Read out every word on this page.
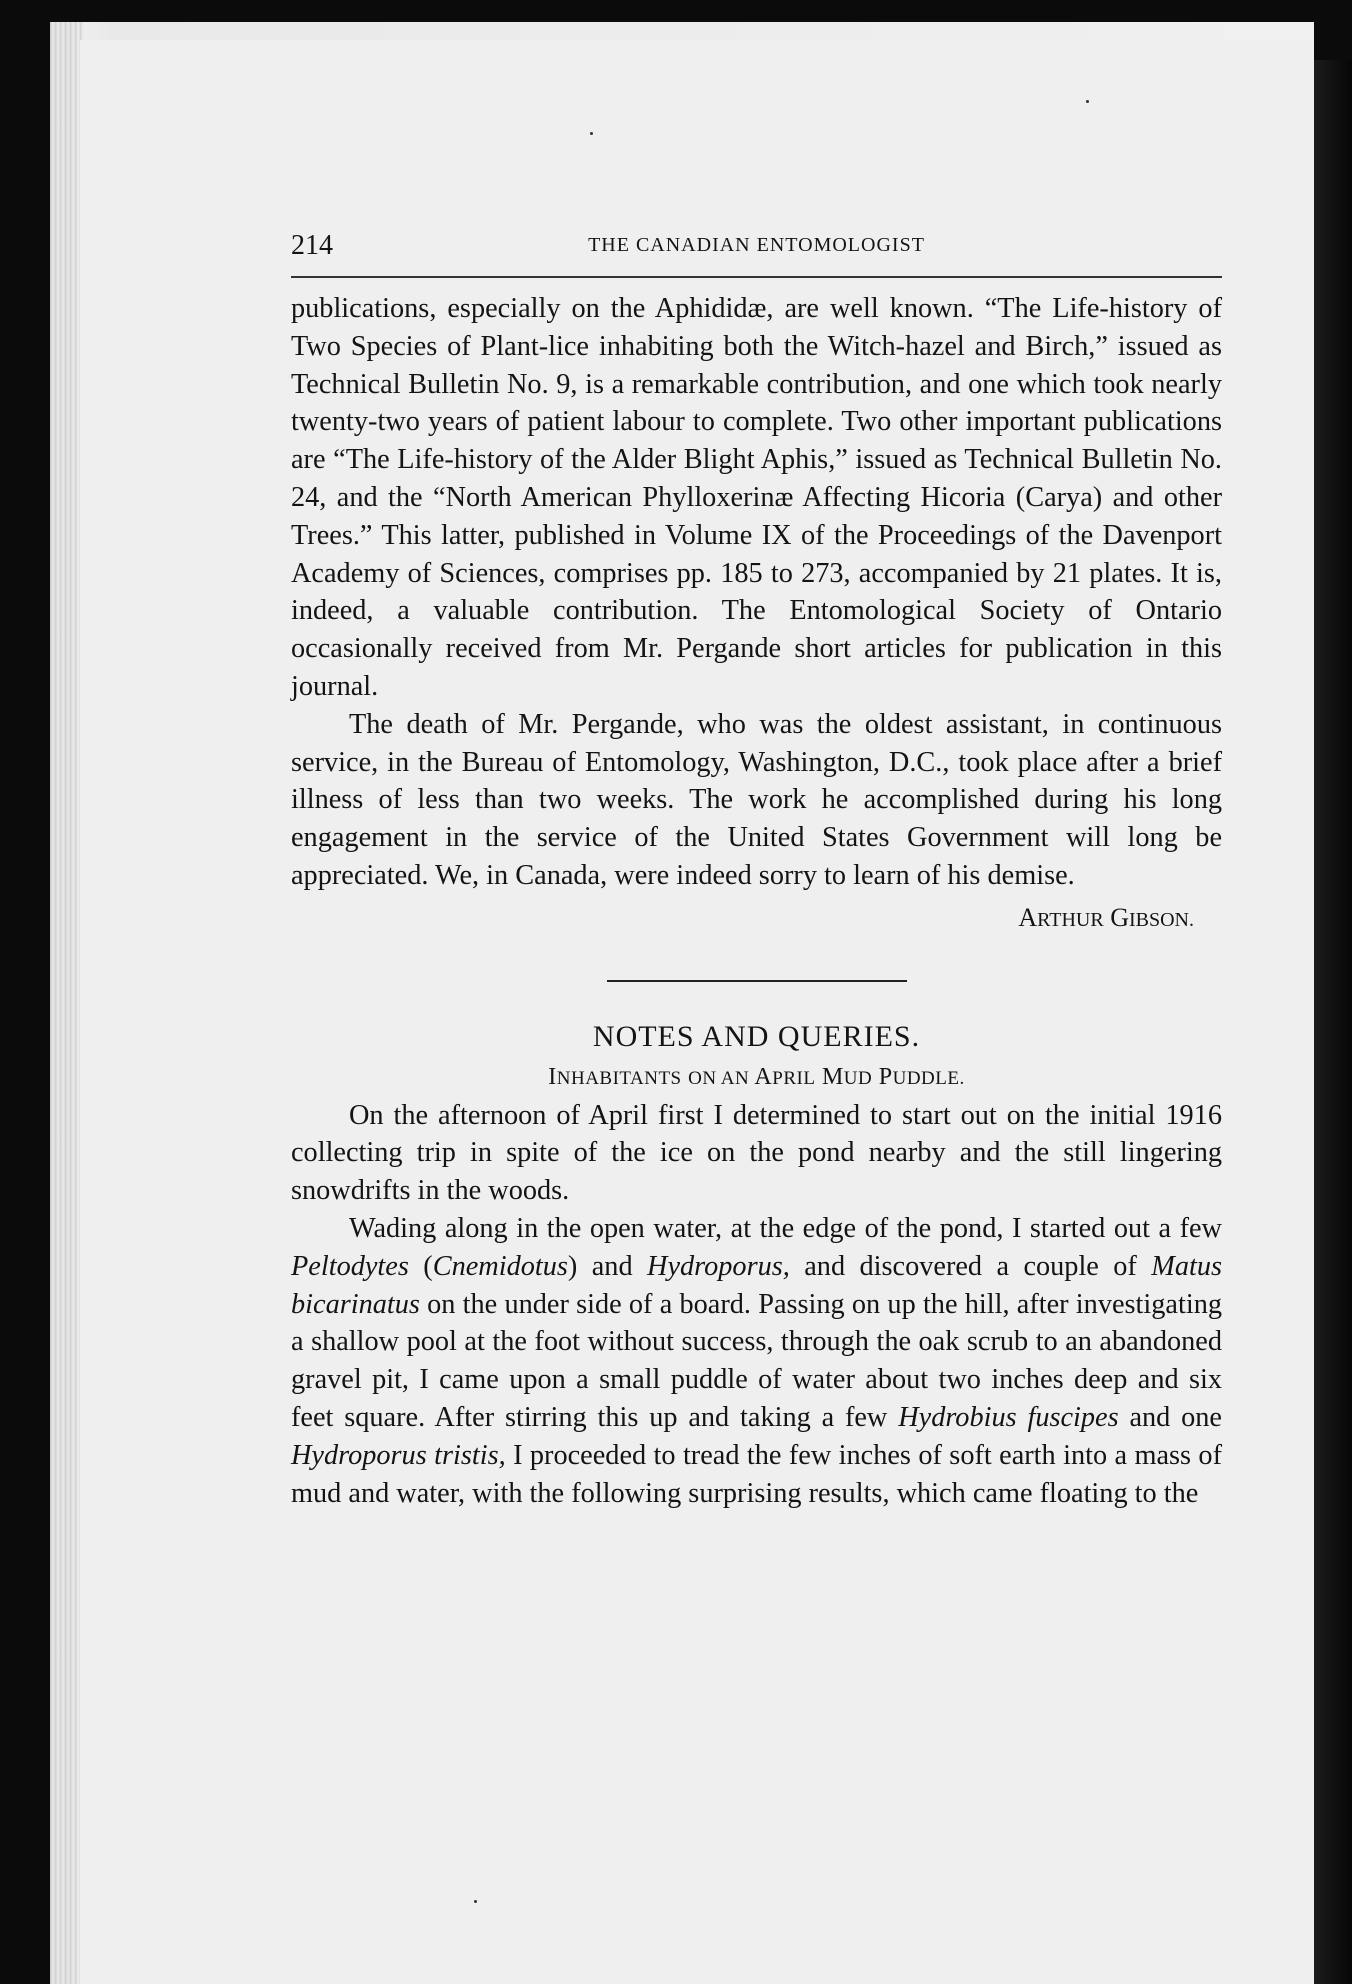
214	THE CANADIAN ENTOMOLOGIST

publications, especially on the Aphididæ, are well known. “The Life-history of Two Species of Plant-lice inhabiting both the Witch-hazel and Birch,” issued as Technical Bulletin No. 9, is a remarkable contribution, and one which took nearly twenty-two years of patient labour to complete. Two other important publications are “The Life-history of the Alder Blight Aphis,” issued as Technical Bulletin No. 24, and the “North American Phylloxerinæ Affecting Hicoria (Carya) and other Trees.” This latter, published in Volume IX of the Proceedings of the Davenport Academy of Sciences, comprises pp. 185 to 273, accompanied by 21 plates. It is, indeed, a valuable contribution. The Entomological Society of Ontario occasionally received from Mr. Pergande short articles for publication in this journal.

The death of Mr. Pergande, who was the oldest assistant, in continuous service, in the Bureau of Entomology, Washington, D.C., took place after a brief illness of less than two weeks. The work he accomplished during his long engagement in the service of the United States Government will long be appreciated. We, in Canada, were indeed sorry to learn of his demise.

ARTHUR GIBSON.
NOTES AND QUERIES.
INHABITANTS ON AN APRIL MUD PUDDLE.

On the afternoon of April first I determined to start out on the initial 1916 collecting trip in spite of the ice on the pond nearby and the still lingering snowdrifts in the woods.

Wading along in the open water, at the edge of the pond, I started out a few Peltodytes (Cnemidotus) and Hydroporus, and discovered a couple of Matus bicarinatus on the under side of a board. Passing on up the hill, after investigating a shallow pool at the foot without success, through the oak scrub to an abandoned gravel pit, I came upon a small puddle of water about two inches deep and six feet square. After stirring this up and taking a few Hydrobius fuscipes and one Hydroporus tristis, I proceeded to tread the few inches of soft earth into a mass of mud and water, with the following surprising results, which came floating to the
